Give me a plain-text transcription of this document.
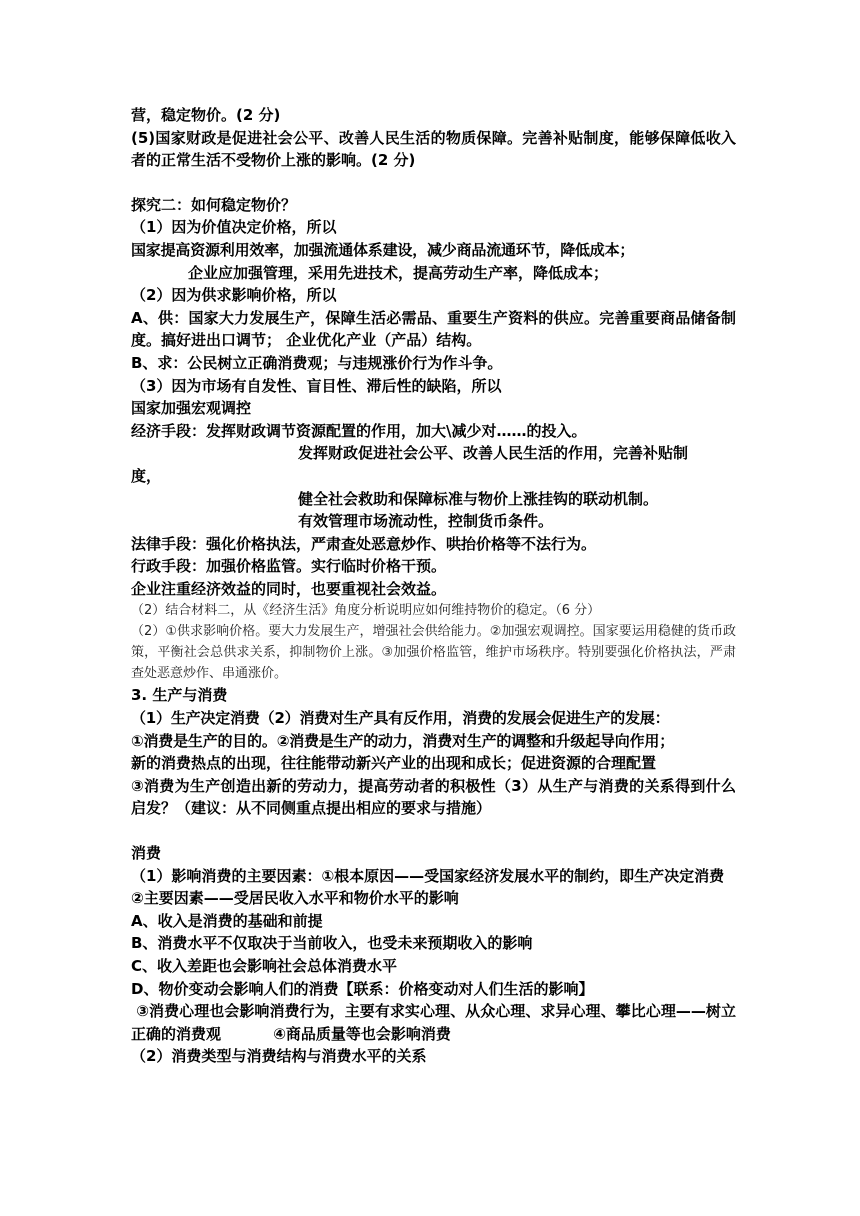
营，稳定物价。(2 分)
(5)国家财政是促进社会公平、改善人民生活的物质保障。完善补贴制度，能够保障低收入者的正常生活不受物价上涨的影响。(2 分)
探究二：如何稳定物价？
（1）因为价值决定价格，所以
国家提高资源利用效率，加强流通体系建设，减少商品流通环节，降低成本；
企业应加强管理，采用先进技术，提高劳动生产率，降低成本；
（2）因为供求影响价格，所以
A、供：国家大力发展生产，保障生活必需品、重要生产资料的供应。完善重要商品储备制度。搞好进出口调节； 企业优化产业（产品）结构。
B、求：公民树立正确消费观；与违规涨价行为作斗争。
（3）因为市场有自发性、盲目性、滞后性的缺陷，所以
国家加强宏观调控
经济手段：发挥财政调节资源配置的作用，加大\减少对……的投入。
发挥财政促进社会公平、改善人民生活的作用，完善补贴制
度，
健全社会救助和保障标准与物价上涨挂钩的联动机制。
有效管理市场流动性，控制货币条件。
法律手段：强化价格执法，严肃查处恶意炒作、哄抬价格等不法行为。
行政手段：加强价格监管。实行临时价格干预。
企业注重经济效益的同时，也要重视社会效益。
（2）结合材料二，从《经济生活》角度分析说明应如何维持物价的稳定。（6 分）
（2）①供求影响价格。要大力发展生产，增强社会供给能力。②加强宏观调控。国家要运用稳健的货币政策，平衡社会总供求关系，抑制物价上涨。③加强价格监管，维护市场秩序。特别要强化价格执法，严肃查处恶意炒作、串通涨价。
3. 生产与消费
（1）生产决定消费（2）消费对生产具有反作用，消费的发展会促进生产的发展：
①消费是生产的目的。②消费是生产的动力，消费对生产的调整和升级起导向作用；
新的消费热点的出现，往往能带动新兴产业的出现和成长；促进资源的合理配置
③消费为生产创造出新的劳动力，提高劳动者的积极性（3）从生产与消费的关系得到什么启发？（建议：从不同侧重点提出相应的要求与措施）
消费
（1）影响消费的主要因素：①根本原因——受国家经济发展水平的制约，即生产决定消费
②主要因素——受居民收入水平和物价水平的影响
A、收入是消费的基础和前提
B、消费水平不仅取决于当前收入，也受未来预期收入的影响
C、收入差距也会影响社会总体消费水平
D、物价变动会影响人们的消费【联系：价格变动对人们生活的影响】
③消费心理也会影响消费行为，主要有求实心理、从众心理、求异心理、攀比心理——树立正确的消费观          ④商品质量等也会影响消费
（2）消费类型与消费结构与消费水平的关系
